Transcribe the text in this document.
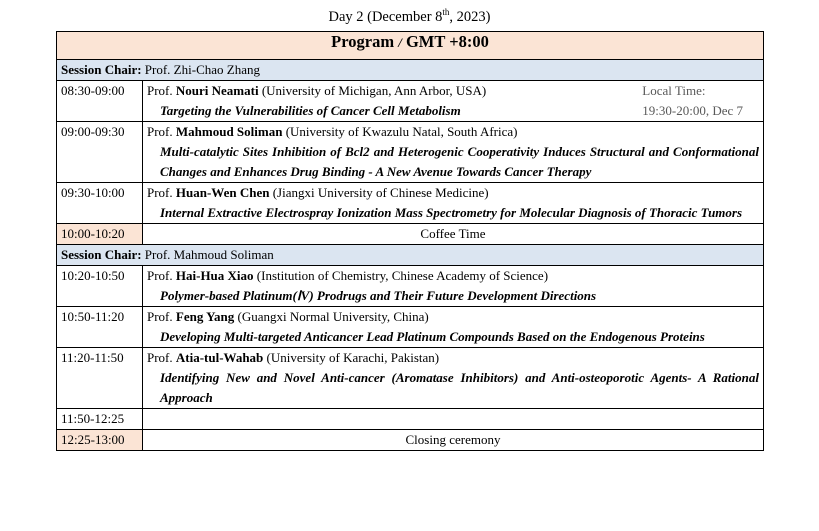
Day 2 (December 8th, 2023)
Program / GMT +8:00	
Session Chair: Prof. Zhi-Chao Zhang	
08:30-09:00	Prof. Nouri Neamati (University of Michigan, Ann Arbor, USA)
Targeting the Vulnerabilities of Cancer Cell Metabolism
Local Time:
19:30-20:00, Dec 7

09:00-09:30	Prof. Mahmoud Soliman (University of Kwazulu Natal, South Africa)
Multi-catalytic Sites Inhibition of Bcl2 and Heterogenic Cooperativity Induces Structural and Conformational Changes and Enhances Drug Binding - A New Avenue Towards Cancer Therapy

09:30-10:00	Prof. Huan-Wen Chen (Jiangxi University of Chinese Medicine)
Internal Extractive Electrospray Ionization Mass Spectrometry for Molecular Diagnosis of Thoracic Tumors

10:00-10:20	Coffee Time
Session Chair: Prof. Mahmoud Soliman	
10:20-10:50	Prof. Hai-Hua Xiao (Institution of Chemistry, Chinese Academy of Science)
Polymer-based Platinum(ⅠV) Prodrugs and Their Future Development Directions

10:50-11:20	Prof. Feng Yang (Guangxi Normal University, China)
Developing Multi-targeted Anticancer Lead Platinum Compounds Based on the Endogenous Proteins

11:20-11:50	Prof. Atia-tul-Wahab (University of Karachi, Pakistan)
Identifying New and Novel Anti-cancer (Aromatase Inhibitors) and Anti-osteoporotic Agents- A Rational Approach

11:50-12:25	
12:25-13:00	Closing ceremony
